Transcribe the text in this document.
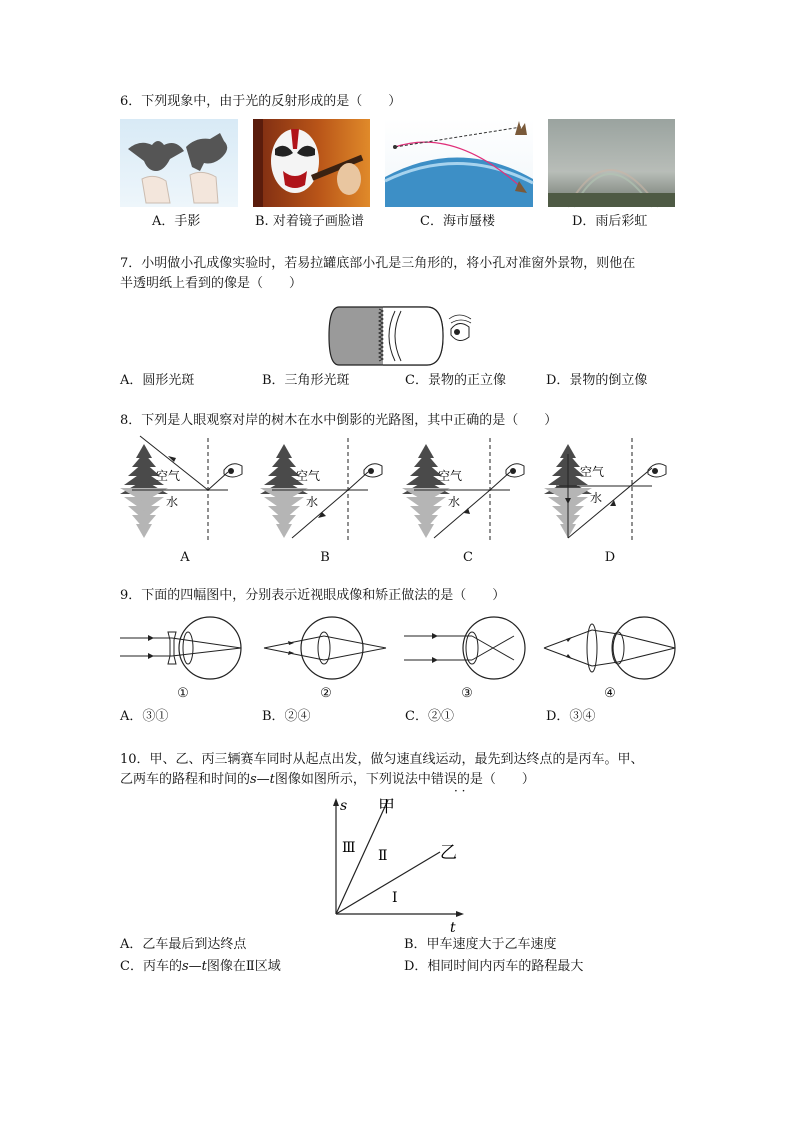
6．下列现象中，由于光的反射形成的是（　　）
A．手影	B. 对着镜子画脸谱	C．海市蜃楼	D．雨后彩虹
7．小明做小孔成像实验时，若易拉罐底部小孔是三角形的，将小孔对准窗外景物，则他在
半透明纸上看到的像是（　　）
A．圆形光斑	B．三角形光斑	C．景物的正立像	D．景物的倒立像
8．下列是人眼观察对岸的树木在水中倒影的光路图，其中正确的是（　　）
空气
水
空气
水
空气
水
空气
水
A	B	C	D
9．下面的四幅图中，分别表示近视眼成像和矫正做法的是（　　）
①	②	③	④
A．③①	B．②④	C．②①	D．③④
10．甲、乙、丙三辆赛车同时从起点出发，做匀速直线运动，最先到达终点的是丙车。甲、
乙两车的路程和时间的s—t图像如图所示，下列说法中错误的是（　　）
· ·
s
t
甲
乙
Ⅲ Ⅱ
Ⅰ
A．乙车最后到达终点	B．甲车速度大于乙车速度
C．丙车的s—t图像在Ⅱ区域	D．相同时间内丙车的路程最大
